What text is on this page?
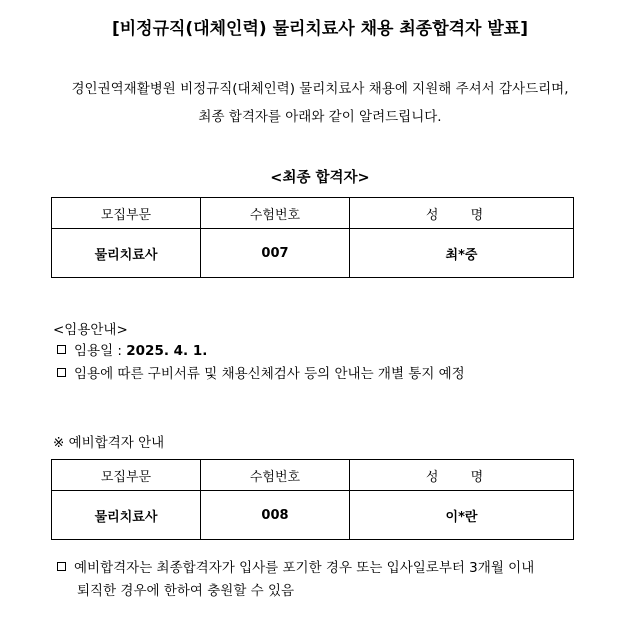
[비정규직(대체인력) 물리치료사 채용 최종합격자 발표]
경인권역재활병원 비정규직(대체인력) 물리치료사 채용에 지원해 주셔서 감사드리며,
최종 합격자를 아래와 같이 알려드립니다.
<최종 합격자>
모집부문	수험번호	성 명
물리치료사	007	최*중
<임용안내>
임용일 : 2025. 4. 1.
임용에 따른 구비서류 및 채용신체검사 등의 안내는 개별 통지 예정
※ 예비합격자 안내
모집부문	수험번호	성 명
물리치료사	008	이*란
예비합격자는 최종합격자가 입사를 포기한 경우 또는 입사일로부터 3개월 이내
퇴직한 경우에 한하여 충원할 수 있음
